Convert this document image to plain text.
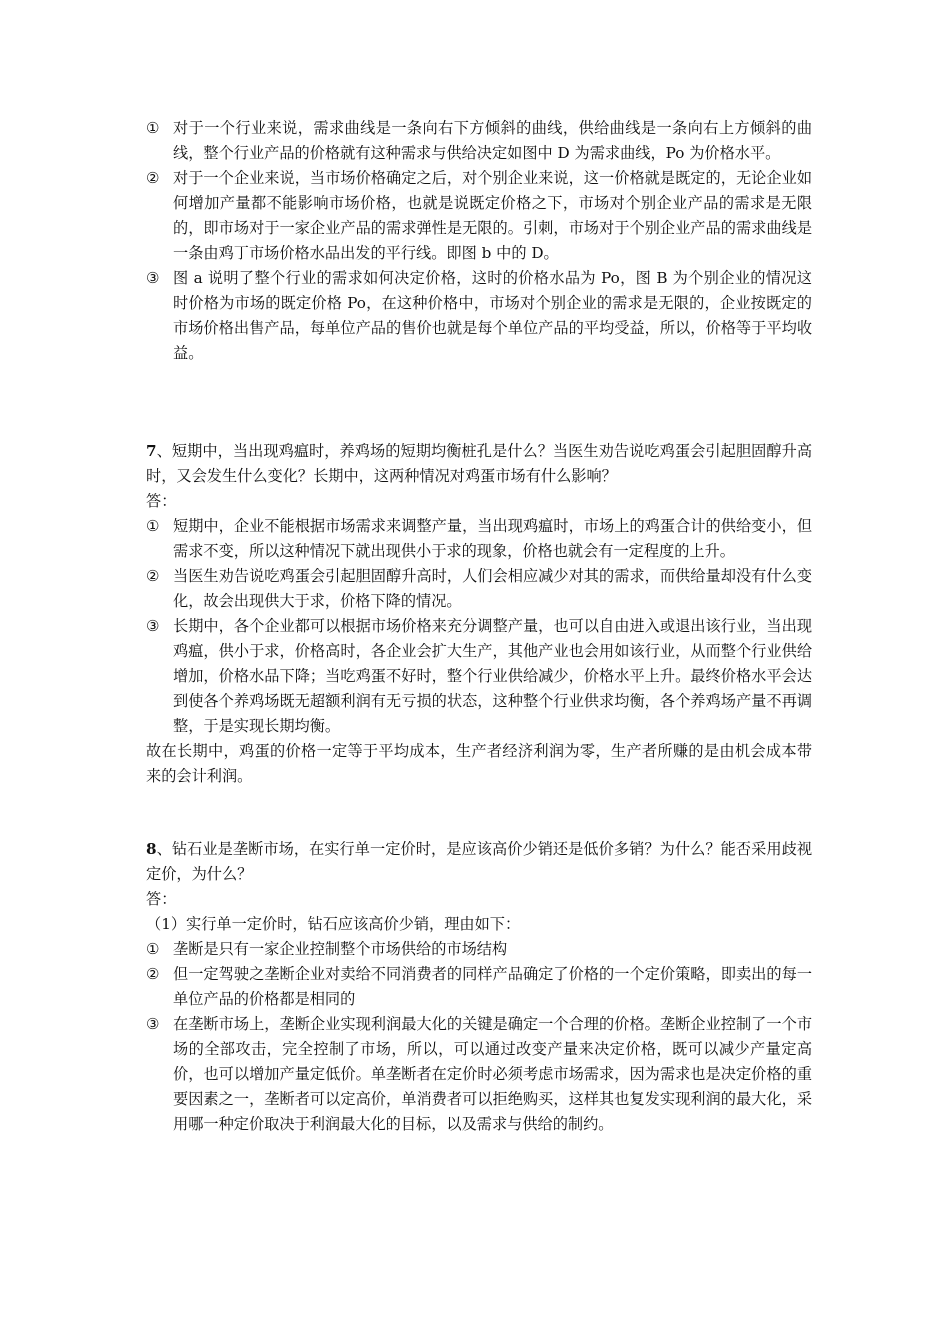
① 对于一个行业来说，需求曲线是一条向右下方倾斜的曲线，供给曲线是一条向右上方倾斜的曲线，整个行业产品的价格就有这种需求与供给决定如图中 D 为需求曲线，Po 为价格水平。
② 对于一个企业来说，当市场价格确定之后，对个别企业来说，这一价格就是既定的，无论企业如何增加产量都不能影响市场价格，也就是说既定价格之下，市场对个别企业产品的需求是无限的，即市场对于一家企业产品的需求弹性是无限的。引刺，市场对于个别企业产品的需求曲线是一条由鸡丁市场价格水品出发的平行线。即图 b 中的 D。
③ 图 a 说明了整个行业的需求如何决定价格，这时的价格水品为 Po，图 B 为个别企业的情况这时价格为市场的既定价格 Po，在这种价格中，市场对个别企业的需求是无限的，企业按既定的市场价格出售产品，每单位产品的售价也就是每个单位产品的平均受益，所以，价格等于平均收益。
7、短期中，当出现鸡瘟时，养鸡场的短期均衡桩孔是什么？当医生劝告说吃鸡蛋会引起胆固醇升高时，又会发生什么变化？长期中，这两种情况对鸡蛋市场有什么影响？
答：
① 短期中，企业不能根据市场需求来调整产量，当出现鸡瘟时，市场上的鸡蛋合计的供给变小，但需求不变，所以这种情况下就出现供小于求的现象，价格也就会有一定程度的上升。
② 当医生劝告说吃鸡蛋会引起胆固醇升高时，人们会相应减少对其的需求，而供给量却没有什么变化，故会出现供大于求，价格下降的情况。
③ 长期中，各个企业都可以根据市场价格来充分调整产量，也可以自由进入或退出该行业，当出现鸡瘟，供小于求，价格高时，各企业会扩大生产，其他产业也会用如该行业，从而整个行业供给增加，价格水品下降；当吃鸡蛋不好时，整个行业供给减少，价格水平上升。最终价格水平会达到使各个养鸡场既无超额利润有无亏损的状态，这种整个行业供求均衡，各个养鸡场产量不再调整，于是实现长期均衡。
故在长期中，鸡蛋的价格一定等于平均成本，生产者经济利润为零，生产者所赚的是由机会成本带来的会计利润。
8、钻石业是垄断市场，在实行单一定价时，是应该高价少销还是低价多销？为什么？能否采用歧视定价，为什么？
答：
（1）实行单一定价时，钻石应该高价少销，理由如下：
① 垄断是只有一家企业控制整个市场供给的市场结构
② 但一定驾驶之垄断企业对卖给不同消费者的同样产品确定了价格的一个定价策略，即卖出的每一单位产品的价格都是相同的
③ 在垄断市场上，垄断企业实现利润最大化的关键是确定一个合理的价格。垄断企业控制了一个市场的全部攻击，完全控制了市场，所以，可以通过改变产量来决定价格，既可以减少产量定高价，也可以增加产量定低价。单垄断者在定价时必须考虑市场需求，因为需求也是决定价格的重要因素之一，垄断者可以定高价，单消费者可以拒绝购买，这样其也复发实现利润的最大化，采用哪一种定价取决于利润最大化的目标，以及需求与供给的制约。
